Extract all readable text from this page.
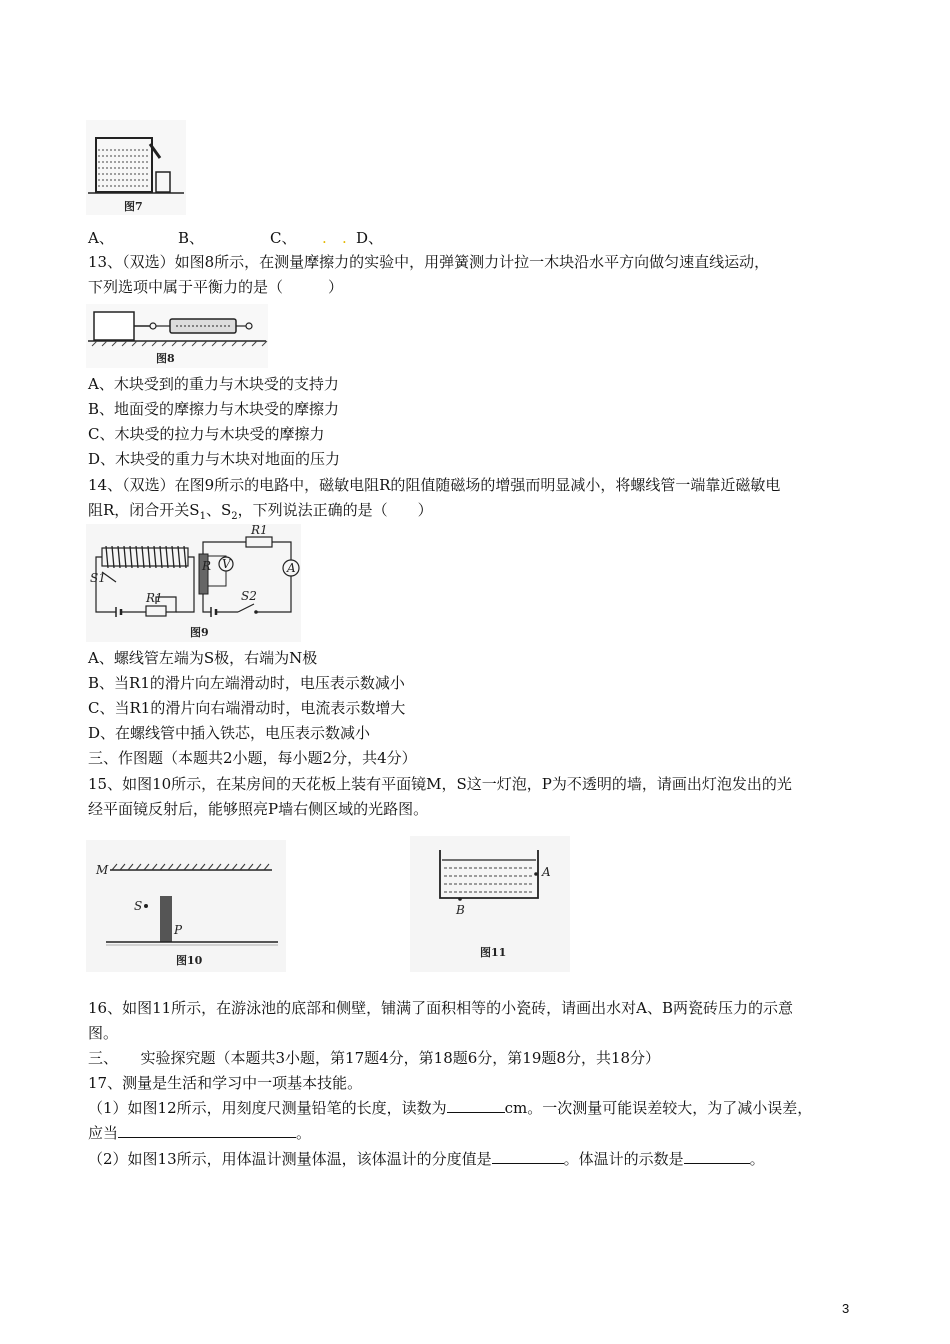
图7
A、	B、	C、 . . D、
13、（双选）如图8所示，在测量摩擦力的实验中，用弹簧测力计拉一木块沿水平方向做匀速直线运动，
下列选项中属于平衡力的是（　　　）
图8
A、木块受到的重力与木块受的支持力
B、地面受的摩擦力与木块受的摩擦力
C、木块受的拉力与木块受的摩擦力
D、木块受的重力与木块对地面的压力
14、（双选）在图9所示的电路中，磁敏电阻R的阻值随磁场的增强而明显减小，将螺线管一端靠近磁敏电
阻R，闭合开关$S_1$、$S_2$，下列说法正确的是（　　）
S1
R1
R
R1
A
V
S2
图9
A、螺线管左端为S极，右端为N极
B、当R1的滑片向左端滑动时，电压表示数减小
C、当R1的滑片向右端滑动时，电流表示数增大
D、在螺线管中插入铁芯，电压表示数减小
三、作图题（本题共2小题，每小题2分，共4分）
15、如图10所示，在某房间的天花板上装有平面镜M，S这一灯泡，P为不透明的墙，请画出灯泡发出的光
经平面镜反射后，能够照亮P墙右侧区域的光路图。
M
S
P
图10
A
B
图11
16、如图11所示，在游泳池的底部和侧壁，铺满了面积相等的小瓷砖，请画出水对A、B两瓷砖压力的示意
图。
三、　　实验探究题（本题共3小题，第17题4分，第18题6分，第19题8分，共18分）
17、测量是生活和学习中一项基本技能。
（1）如图12所示，用刻度尺测量铅笔的长度，读数为	cm。一次测量可能误差较大，为了减小误差，
应当	。
（2）如图13所示，用体温计测量体温，该体温计的分度值是	。体温计的示数是	。
3
